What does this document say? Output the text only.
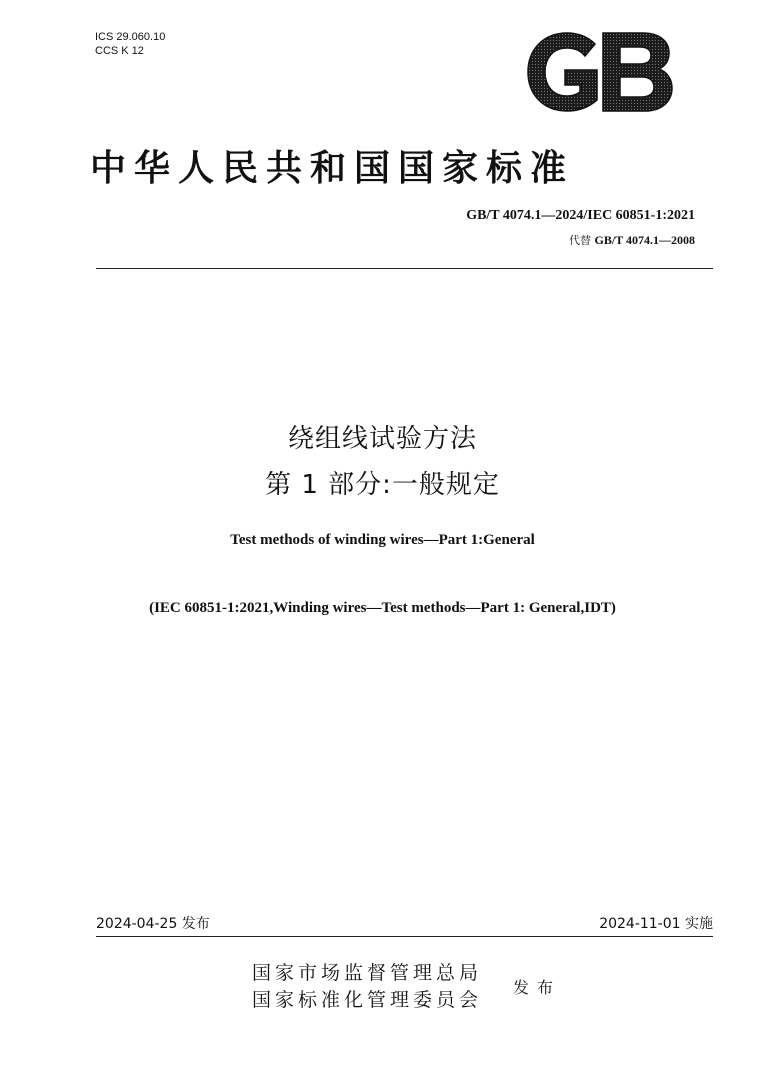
ICS 29.060.10
CCS K 12
中华人民共和国国家标准
GB/T 4074.1—2024/IEC 60851-1:2021
代替 GB/T 4074.1—2008
绕组线试验方法
第 1 部分:一般规定
Test methods of winding wires—Part 1:General
(IEC 60851-1:2021,Winding wires—Test methods—Part 1: General,IDT)
2024-04-25 发布	2024-11-01 实施
国家市场监督管理总局
国家标准化管理委员会
发布
